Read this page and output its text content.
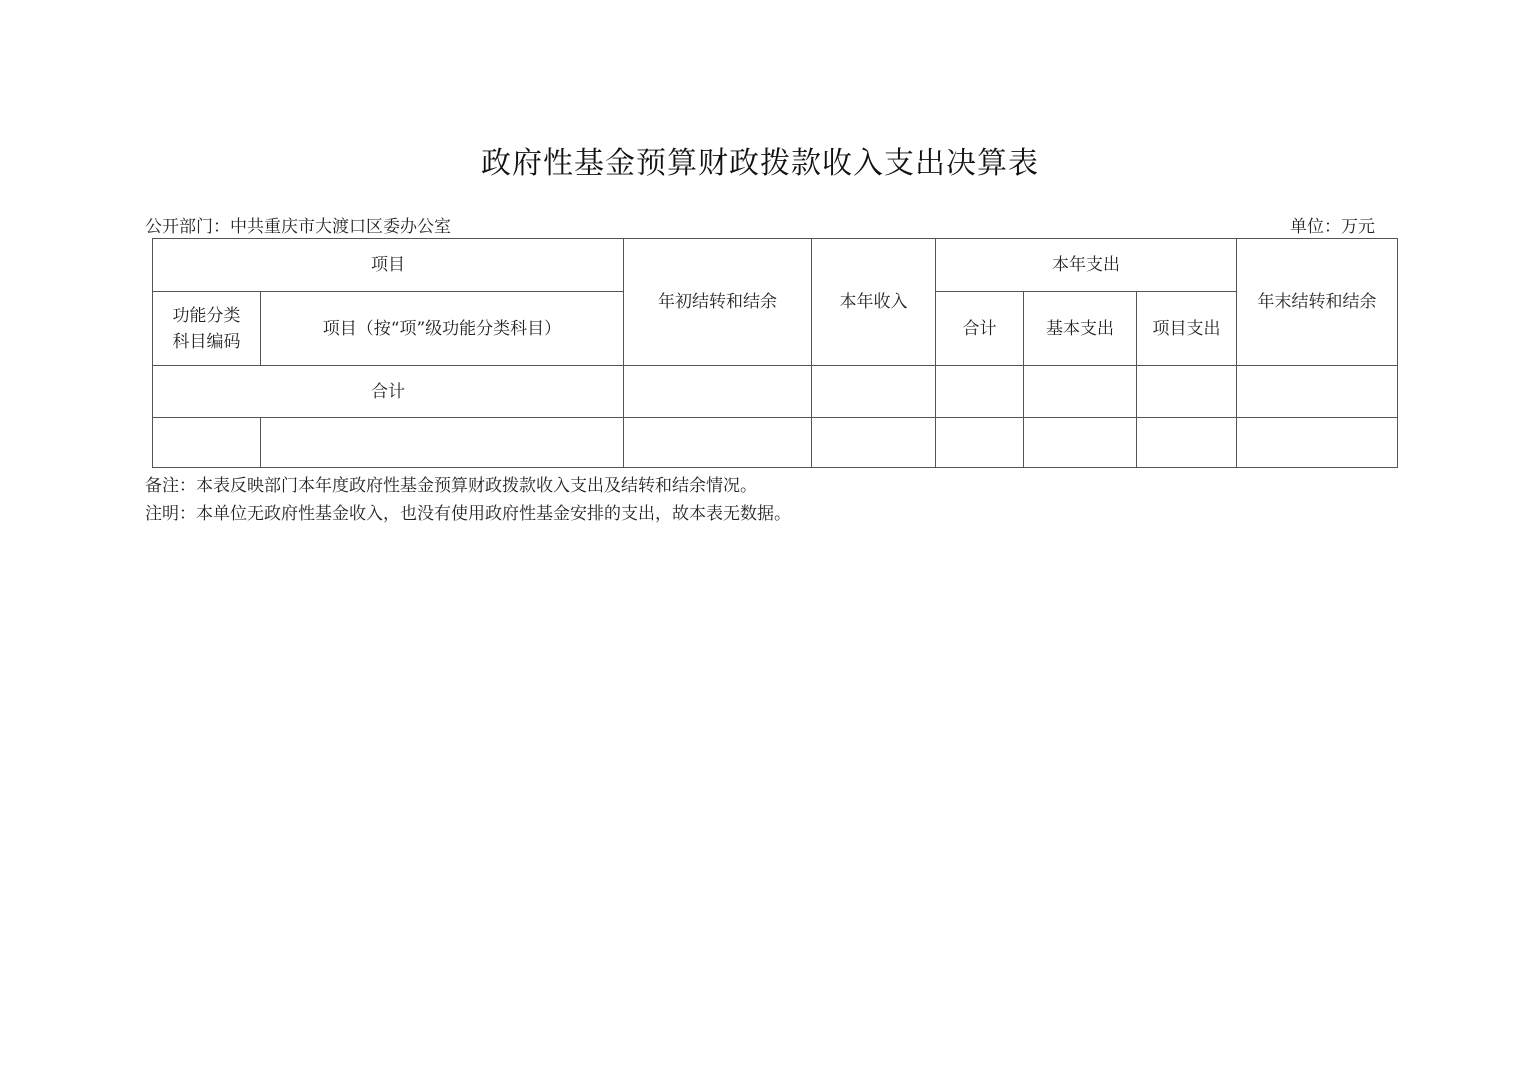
政府性基金预算财政拨款收入支出决算表
公开部门：中共重庆市大渡口区委办公室	单位：万元
项目		年初结转和结余	本年收入	本年支出			年末结转和结余

功能分类科目编码	项目（按“项”级功能分类科目）			合计	基本支出	项目支出	
合计							

备注：本表反映部门本年度政府性基金预算财政拨款收入支出及结转和结余情况。
注明：本单位无政府性基金收入，也没有使用政府性基金安排的支出，故本表无数据。
